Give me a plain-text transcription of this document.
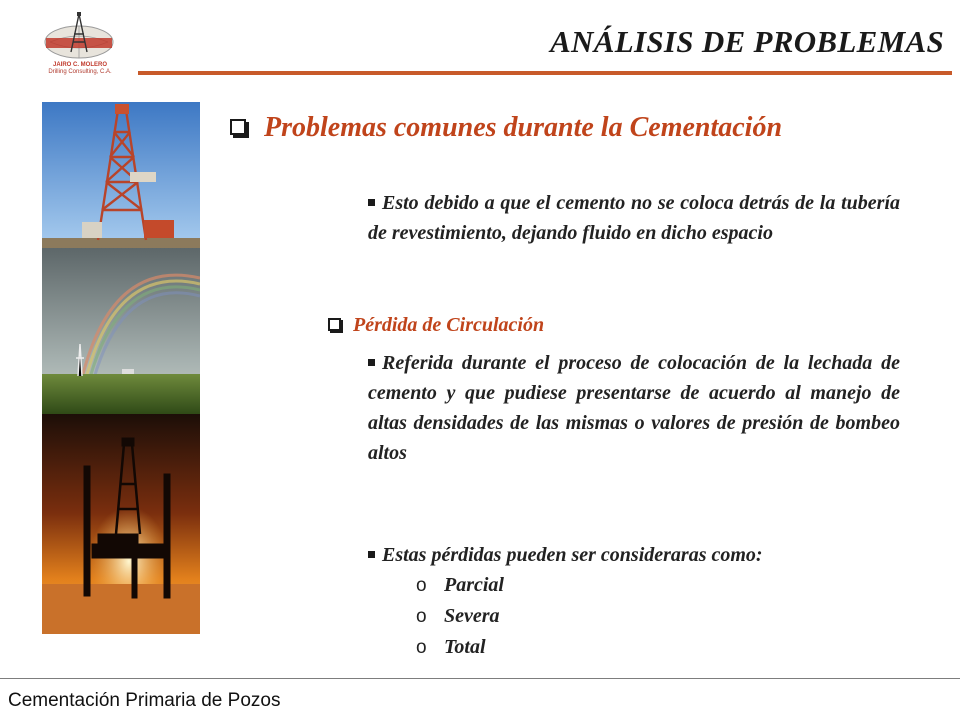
JAIRO C. MOLERO
Drilling Consulting, C.A.
ANÁLISIS DE PROBLEMAS
Problemas comunes durante la Cementación
Esto debido a que el cemento no se coloca detrás de la tubería de revestimiento, dejando fluido en dicho espacio
Pérdida de Circulación
Referida durante el proceso de colocación de la lechada de cemento y que pudiese presentarse de acuerdo al manejo de altas densidades de las mismas o valores de presión de bombeo altos
Estas pérdidas pueden ser consideraras como:
o Parcial
o Severa
o Total
Cementación Primaria de Pozos
